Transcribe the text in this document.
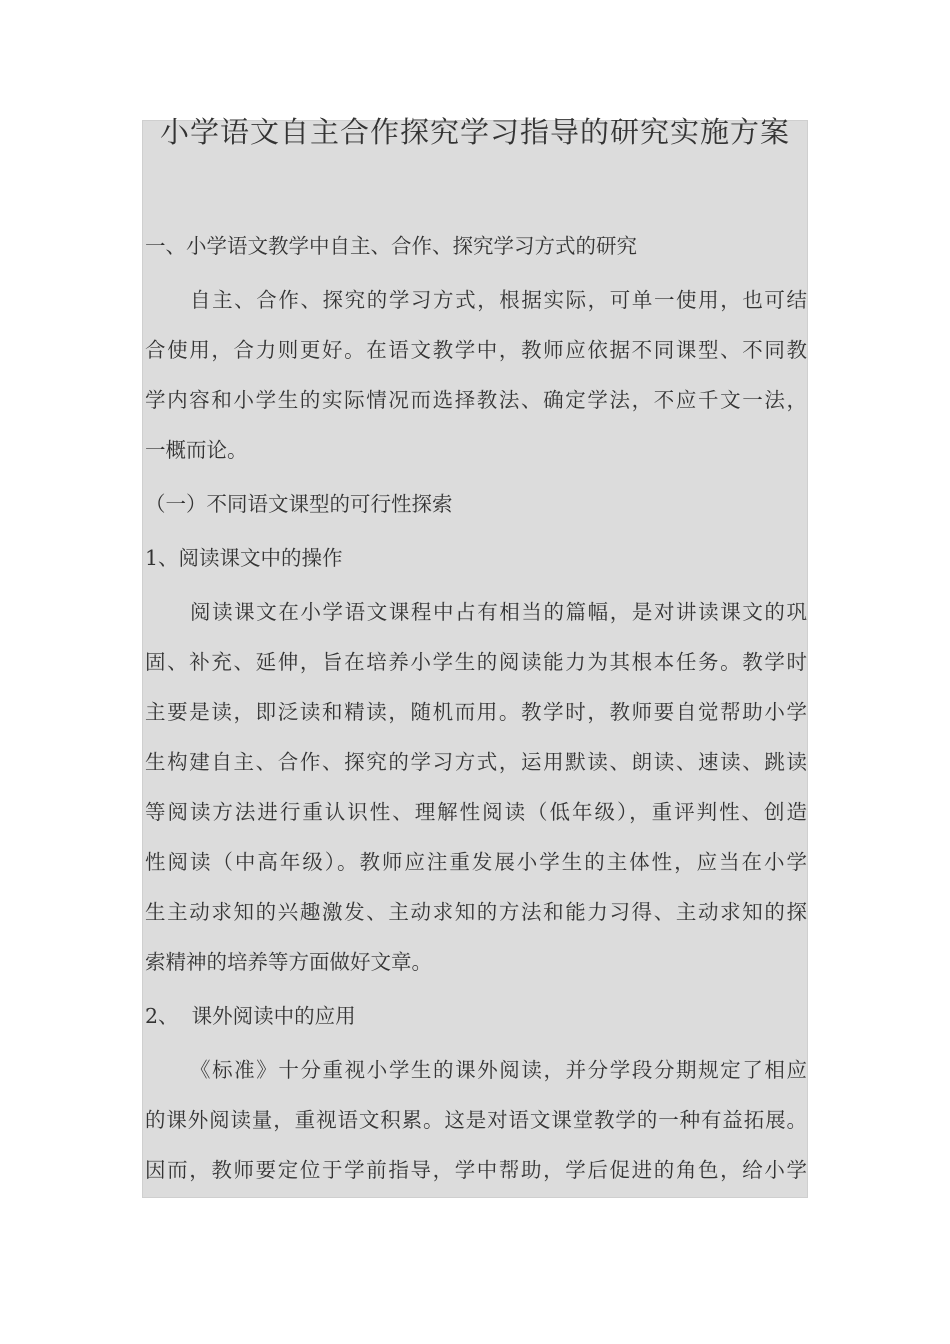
小学语文自主合作探究学习指导的研究实施方案
一、小学语文教学中自主、合作、探究学习方式的研究
自主、合作、探究的学习方式，根据实际，可单一使用，也可结
合使用，合力则更好。在语文教学中，教师应依据不同课型、不同教
学内容和小学生的实际情况而选择教法、确定学法，不应千文一法，
一概而论。
（一）不同语文课型的可行性探索
1、阅读课文中的操作
阅读课文在小学语文课程中占有相当的篇幅，是对讲读课文的巩
固、补充、延伸，旨在培养小学生的阅读能力为其根本任务。教学时
主要是读，即泛读和精读，随机而用。教学时，教师要自觉帮助小学
生构建自主、合作、探究的学习方式，运用默读、朗读、速读、跳读
等阅读方法进行重认识性、理解性阅读（低年级），重评判性、创造
性阅读（中高年级）。教师应注重发展小学生的主体性，应当在小学
生主动求知的兴趣激发、主动求知的方法和能力习得、主动求知的探
索精神的培养等方面做好文章。
2、  课外阅读中的应用
《标准》十分重视小学生的课外阅读，并分学段分期规定了相应
的课外阅读量，重视语文积累。这是对语文课堂教学的一种有益拓展。
因而，教师要定位于学前指导，学中帮助，学后促进的角色，给小学
